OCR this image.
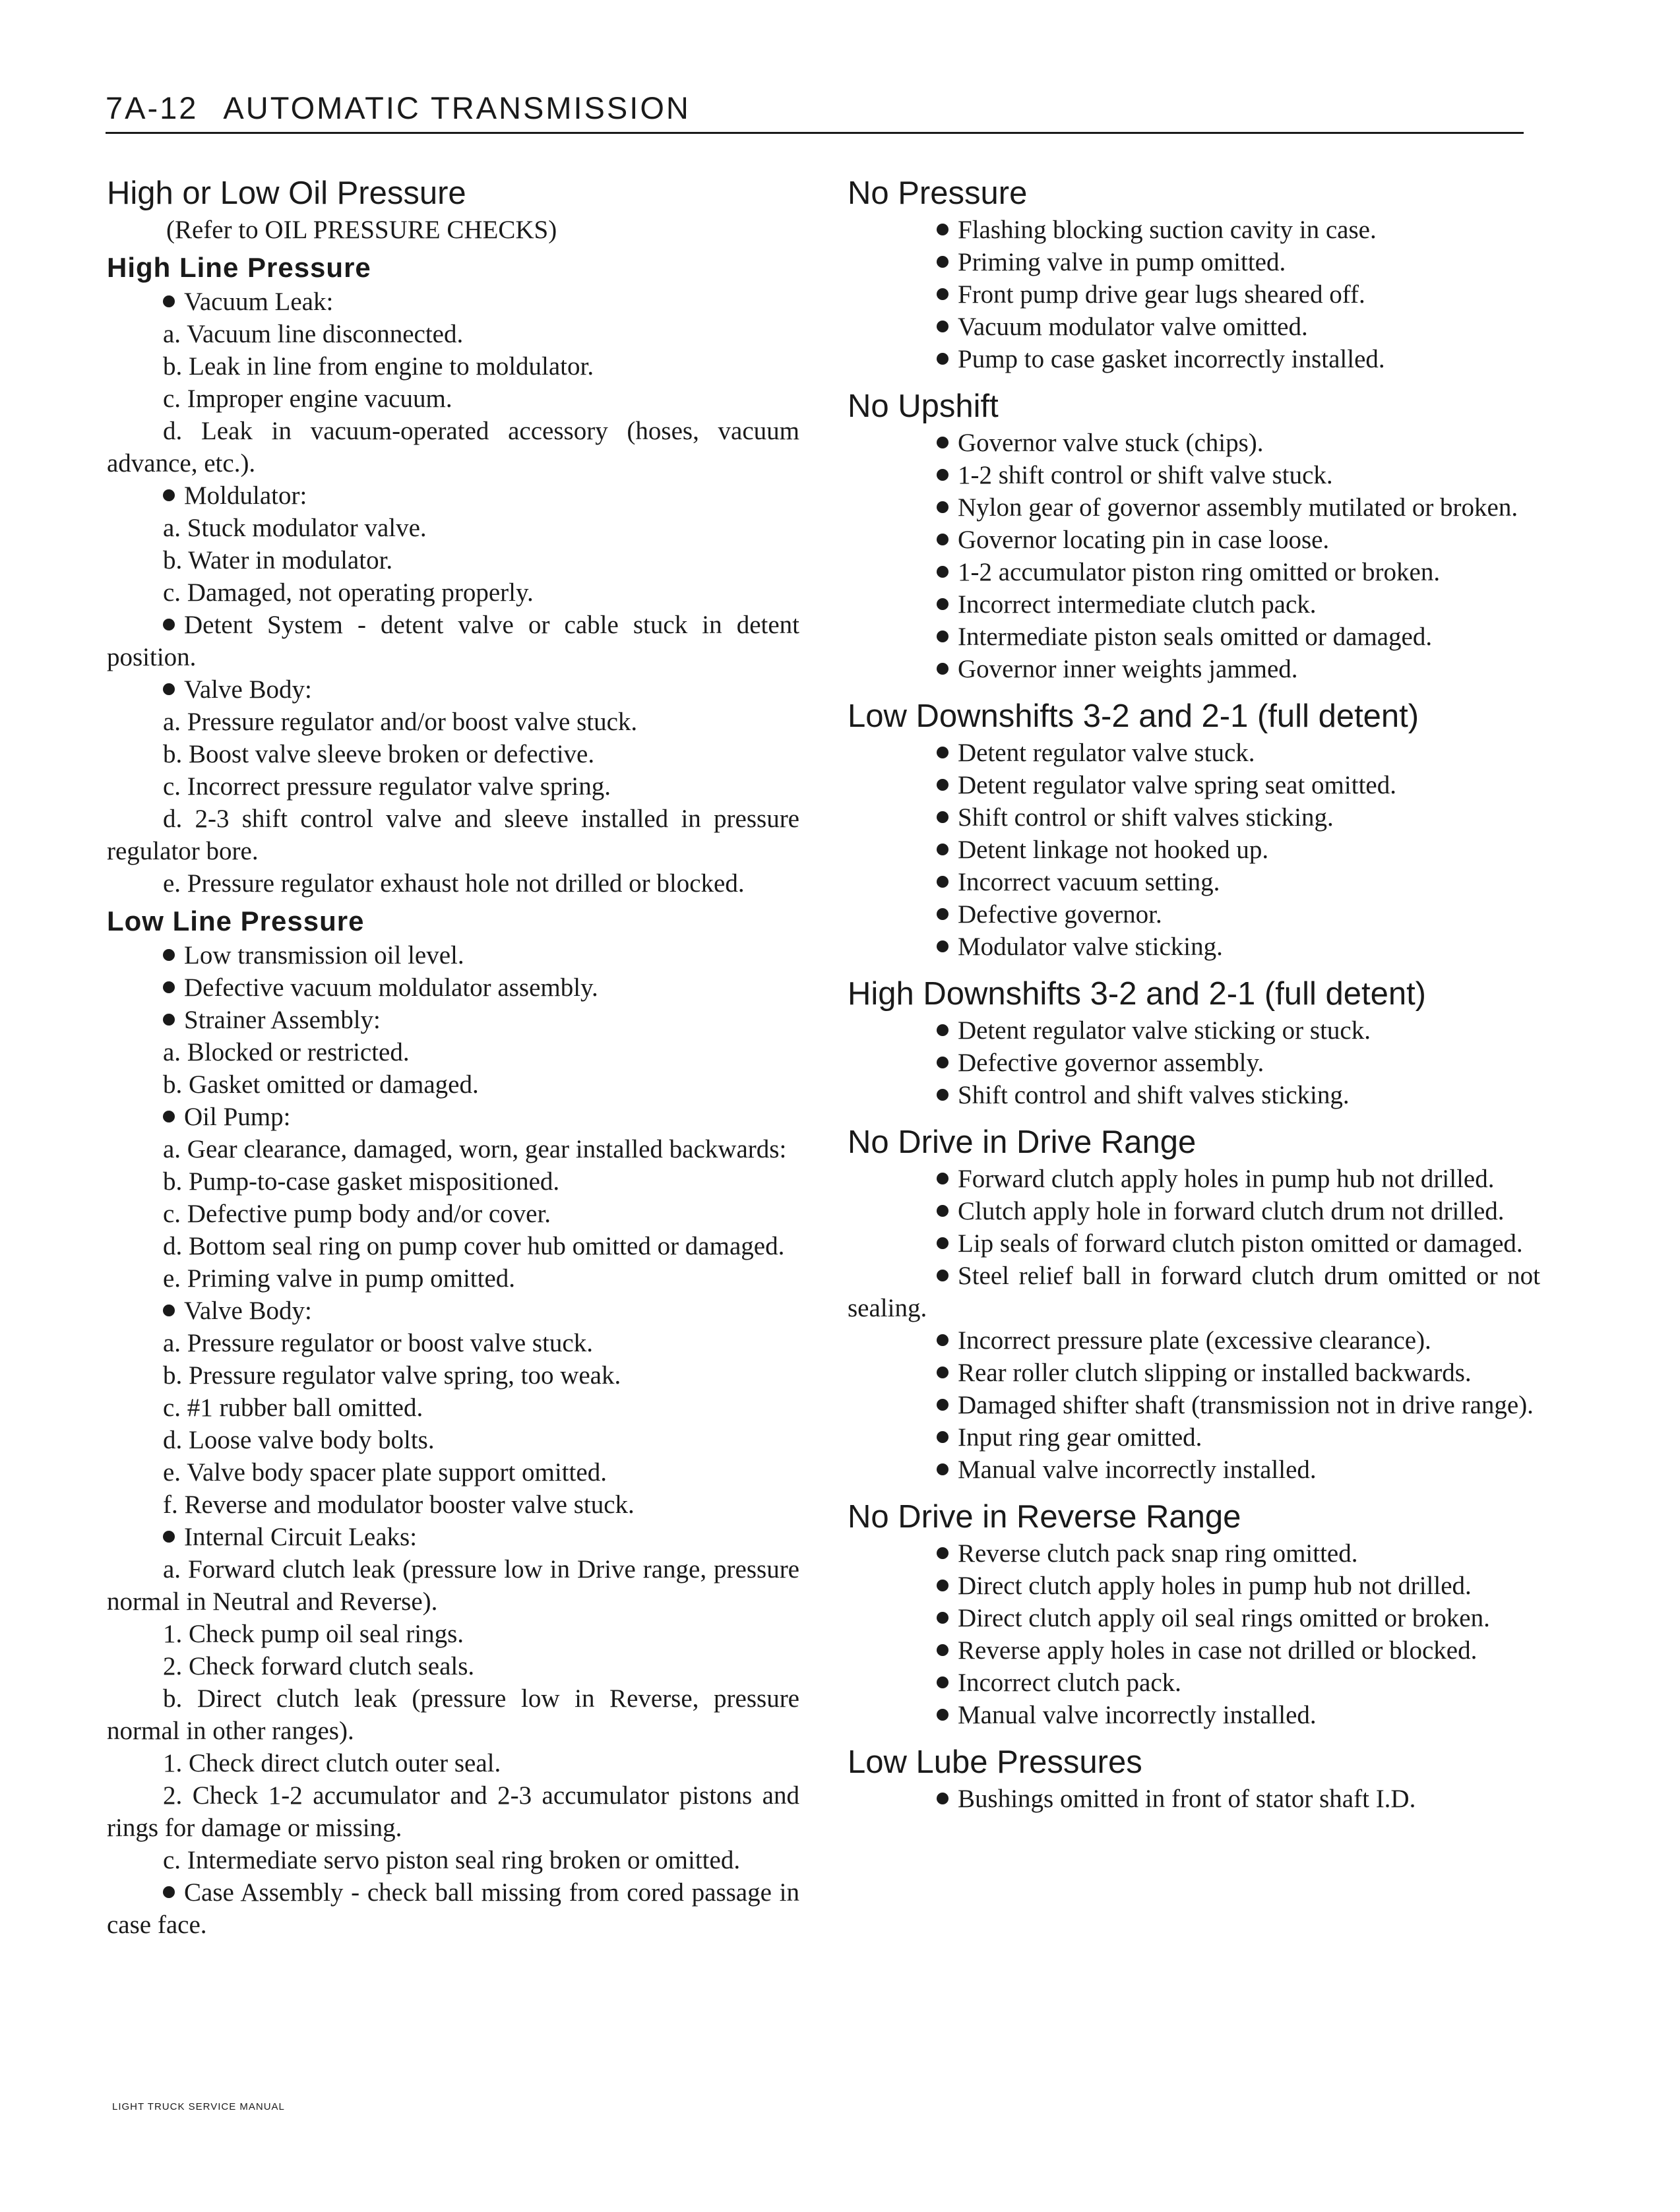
7A-12 AUTOMATIC TRANSMISSION
High or Low Oil Pressure

(Refer to OIL PRESSURE CHECKS)

High Line Pressure

Vacuum Leak:

a. Vacuum line disconnected.

b. Leak in line from engine to moldulator.

c. Improper engine vacuum.

d. Leak in vacuum-operated accessory (hoses, vacuum advance, etc.).

Moldulator:

a. Stuck modulator valve.

b. Water in modulator.

c. Damaged, not operating properly.

Detent System - detent valve or cable stuck in detent position.

Valve Body:

a. Pressure regulator and/or boost valve stuck.

b. Boost valve sleeve broken or defective.

c. Incorrect pressure regulator valve spring.

d. 2-3 shift control valve and sleeve installed in pressure regulator bore.

e. Pressure regulator exhaust hole not drilled or blocked.

Low Line Pressure

Low transmission oil level.

Defective vacuum moldulator assembly.

Strainer Assembly:

a. Blocked or restricted.

b. Gasket omitted or damaged.

Oil Pump:

a. Gear clearance, damaged, worn, gear installed backwards:

b. Pump-to-case gasket mispositioned.

c. Defective pump body and/or cover.

d. Bottom seal ring on pump cover hub omitted or damaged.

e. Priming valve in pump omitted.

Valve Body:

a. Pressure regulator or boost valve stuck.

b. Pressure regulator valve spring, too weak.

c. #1 rubber ball omitted.

d. Loose valve body bolts.

e. Valve body spacer plate support omitted.

f. Reverse and modulator booster valve stuck.

Internal Circuit Leaks:

a. Forward clutch leak (pressure low in Drive range, pressure normal in Neutral and Reverse).

1. Check pump oil seal rings.

2. Check forward clutch seals.

b. Direct clutch leak (pressure low in Reverse, pressure normal in other ranges).

1. Check direct clutch outer seal.

2. Check 1-2 accumulator and 2-3 accumulator pistons and rings for damage or missing.

c. Intermediate servo piston seal ring broken or omitted.

Case Assembly - check ball missing from cored passage in case face.

No Pressure

Flashing blocking suction cavity in case.

Priming valve in pump omitted.

Front pump drive gear lugs sheared off.

Vacuum modulator valve omitted.

Pump to case gasket incorrectly installed.

No Upshift

Governor valve stuck (chips).

1-2 shift control or shift valve stuck.

Nylon gear of governor assembly mutilated or broken.

Governor locating pin in case loose.

1-2 accumulator piston ring omitted or broken.

Incorrect intermediate clutch pack.

Intermediate piston seals omitted or damaged.

Governor inner weights jammed.

Low Downshifts 3-2 and 2-1 (full detent)

Detent regulator valve stuck.

Detent regulator valve spring seat omitted.

Shift control or shift valves sticking.

Detent linkage not hooked up.

Incorrect vacuum setting.

Defective governor.

Modulator valve sticking.

High Downshifts 3-2 and 2-1 (full detent)

Detent regulator valve sticking or stuck.

Defective governor assembly.

Shift control and shift valves sticking.

No Drive in Drive Range

Forward clutch apply holes in pump hub not drilled.

Clutch apply hole in forward clutch drum not drilled.

Lip seals of forward clutch piston omitted or damaged.

Steel relief ball in forward clutch drum omitted or not sealing.

Incorrect pressure plate (excessive clearance).

Rear roller clutch slipping or installed backwards.

Damaged shifter shaft (transmission not in drive range).

Input ring gear omitted.

Manual valve incorrectly installed.

No Drive in Reverse Range

Reverse clutch pack snap ring omitted.

Direct clutch apply holes in pump hub not drilled.

Direct clutch apply oil seal rings omitted or broken.

Reverse apply holes in case not drilled or blocked.

Incorrect clutch pack.

Manual valve incorrectly installed.

Low Lube Pressures

Bushings omitted in front of stator shaft I.D.

LIGHT TRUCK SERVICE MANUAL
